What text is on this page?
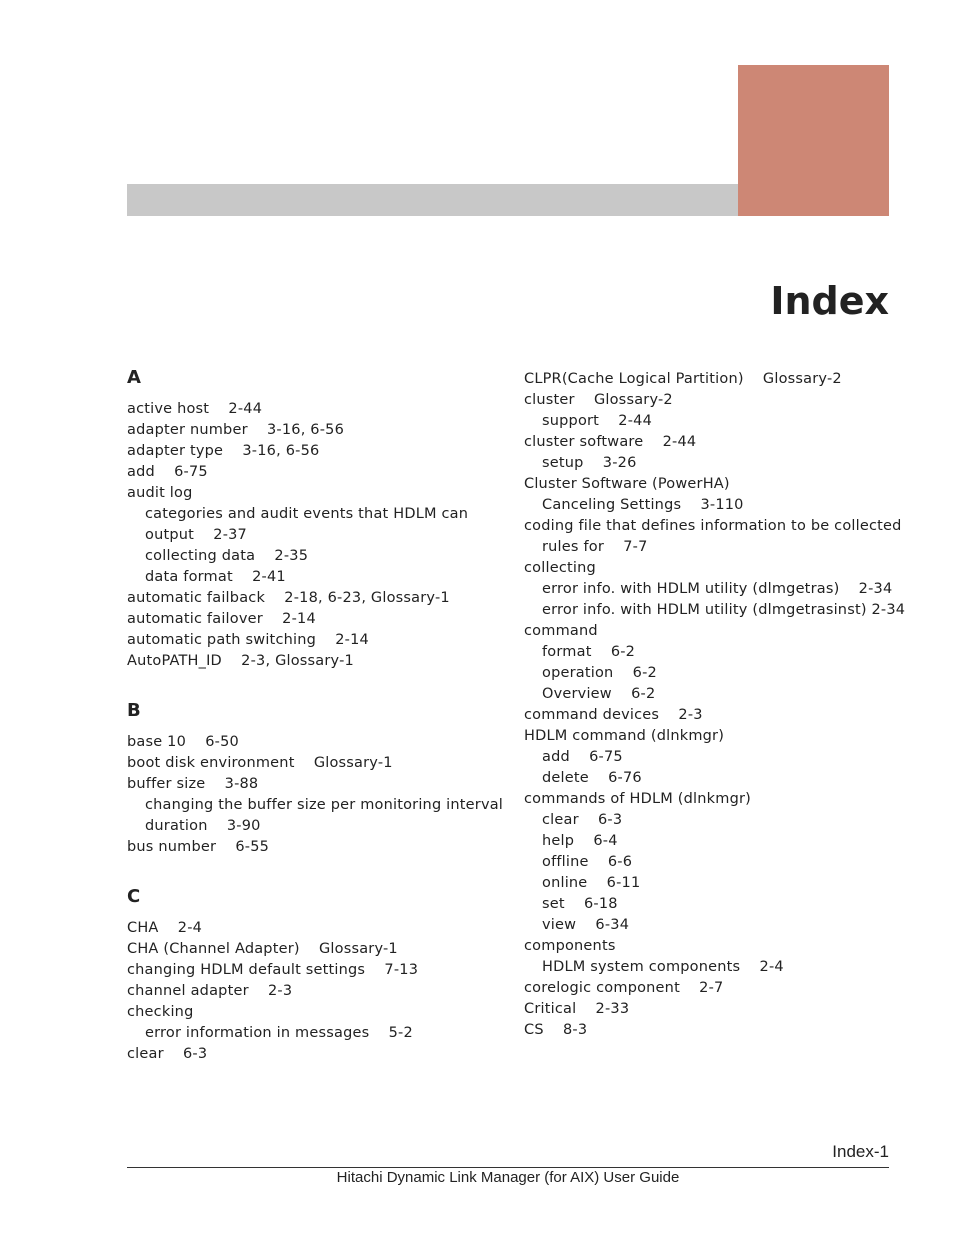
Index
A
active host    2-44
adapter number    3-16, 6-56
adapter type    3-16, 6-56
add    6-75
audit log
categories and audit events that HDLM can
output    2-37
collecting data    2-35
data format    2-41
automatic failback    2-18, 6-23, Glossary-1
automatic failover    2-14
automatic path switching    2-14
AutoPATH_ID    2-3, Glossary-1
B
base 10    6-50
boot disk environment    Glossary-1
buffer size    3-88
changing the buffer size per monitoring interval
duration    3-90
bus number    6-55
C
CHA    2-4
CHA (Channel Adapter)    Glossary-1
changing HDLM default settings    7-13
channel adapter    2-3
checking
error information in messages    5-2
clear    6-3
CLPR(Cache Logical Partition)    Glossary-2
cluster    Glossary-2
support    2-44
cluster software    2-44
setup    3-26
Cluster Software (PowerHA)
Canceling Settings    3-110
coding file that defines information to be collected
rules for    7-7
collecting
error info. with HDLM utility (dlmgetras)    2-34
error info. with HDLM utility (dlmgetrasinst) 2-34
command
format    6-2
operation    6-2
Overview    6-2
command devices    2-3
HDLM command (dlnkmgr)
add    6-75
delete    6-76
commands of HDLM (dlnkmgr)
clear    6-3
help    6-4
offline    6-6
online    6-11
set    6-18
view    6-34
components
HDLM system components    2-4
corelogic component    2-7
Critical    2-33
CS    8-3
Index-1
Hitachi Dynamic Link Manager (for AIX) User Guide
